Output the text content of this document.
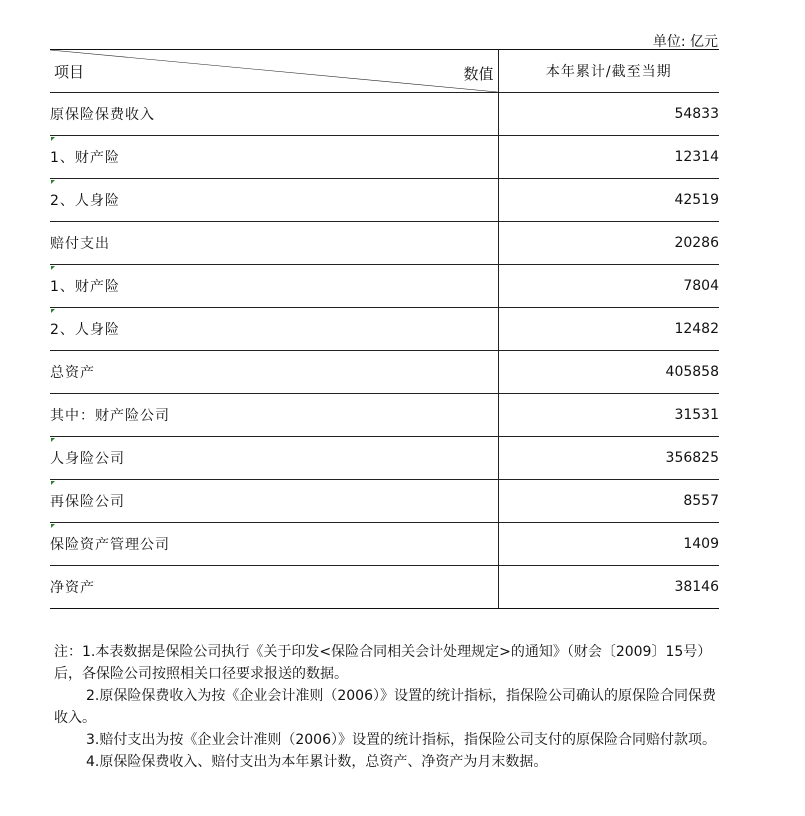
单位: 亿元
数值
项目	本年累计/截至当期
原保险保费收入	54833

1、财产险	12314

2、人身险	42519
赔付支出	20286

1、财产险	7804

2、人身险	12482
总资产	405858
其中：财产险公司	31531

人身险公司	356825

再保险公司	8557

保险资产管理公司	1409
净资产	38146

注：1.本表数据是保险公司执行《关于印发<保险合同相关会计处理规定>的通知》（财会〔2009〕15号）后，各保险公司按照相关口径要求报送的数据。

2.原保险保费收入为按《企业会计准则（2006）》设置的统计指标，指保险公司确认的原保险合同保费收入。

3.赔付支出为按《企业会计准则（2006）》设置的统计指标，指保险公司支付的原保险合同赔付款项。

4.原保险保费收入、赔付支出为本年累计数，总资产、净资产为月末数据。
